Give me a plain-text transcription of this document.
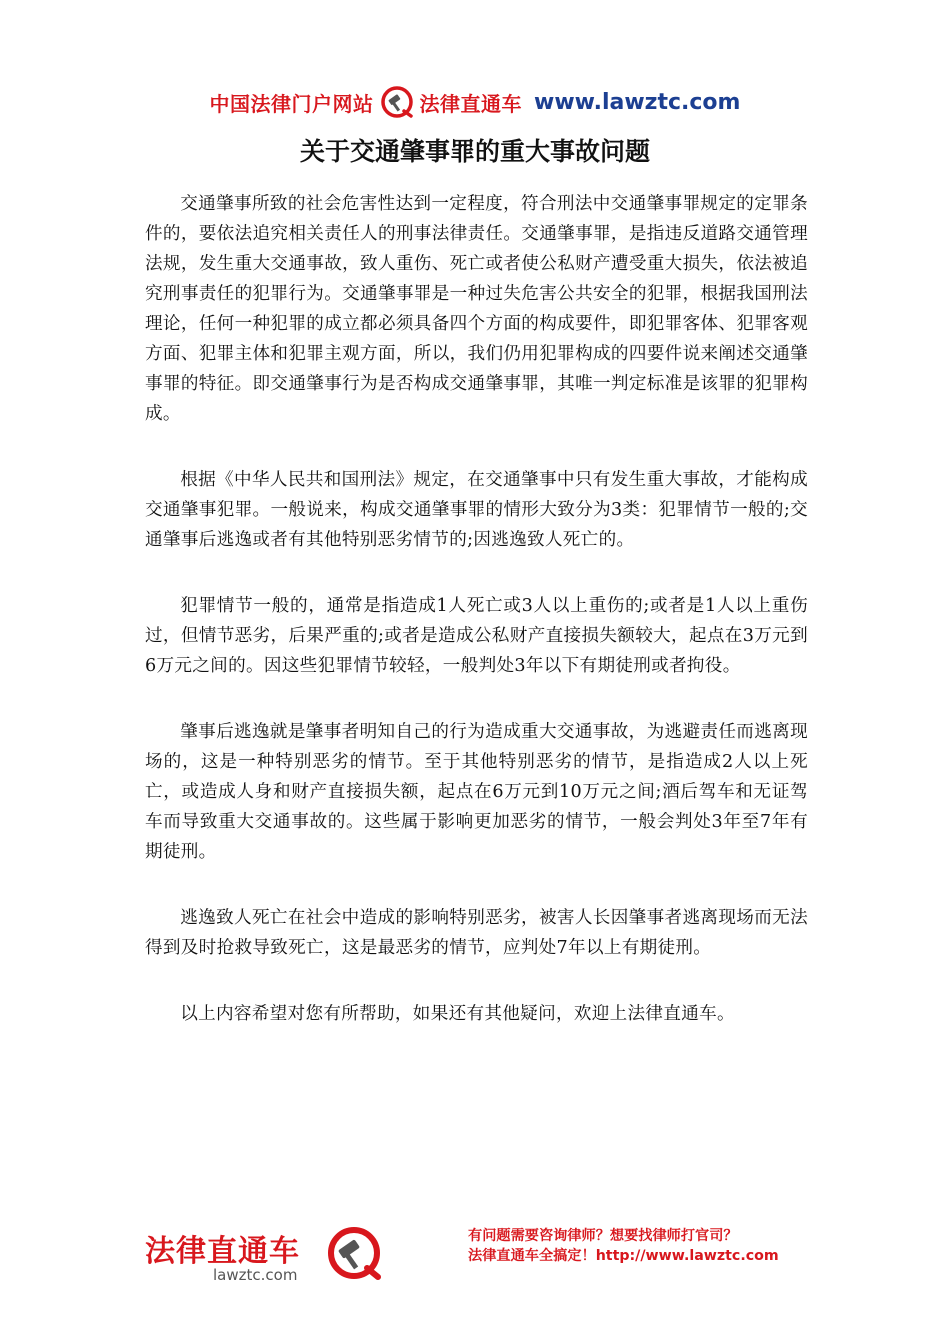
中国法律门户网站 法律直通车 www.lawztc.com
关于交通肇事罪的重大事故问题

交通肇事所致的社会危害性达到一定程度，符合刑法中交通肇事罪规定的定罪条件的，要依法追究相关责任人的刑事法律责任。交通肇事罪，是指违反道路交通管理法规，发生重大交通事故，致人重伤、死亡或者使公私财产遭受重大损失，依法被追究刑事责任的犯罪行为。交通肇事罪是一种过失危害公共安全的犯罪，根据我国刑法理论，任何一种犯罪的成立都必须具备四个方面的构成要件，即犯罪客体、犯罪客观方面、犯罪主体和犯罪主观方面，所以，我们仍用犯罪构成的四要件说来阐述交通肇事罪的特征。即交通肇事行为是否构成交通肇事罪，其唯一判定标准是该罪的犯罪构成。

根据《中华人民共和国刑法》规定，在交通肇事中只有发生重大事故，才能构成交通肇事犯罪。一般说来，构成交通肇事罪的情形大致分为3类：犯罪情节一般的;交通肇事后逃逸或者有其他特别恶劣情节的;因逃逸致人死亡的。

犯罪情节一般的，通常是指造成1人死亡或3人以上重伤的;或者是1人以上重伤过，但情节恶劣，后果严重的;或者是造成公私财产直接损失额较大，起点在3万元到6万元之间的。因这些犯罪情节较轻，一般判处3年以下有期徒刑或者拘役。

肇事后逃逸就是肇事者明知自己的行为造成重大交通事故，为逃避责任而逃离现场的，这是一种特别恶劣的情节。至于其他特别恶劣的情节，是指造成2人以上死亡，或造成人身和财产直接损失额，起点在6万元到10万元之间;酒后驾车和无证驾车而导致重大交通事故的。这些属于影响更加恶劣的情节，一般会判处3年至7年有期徒刑。

逃逸致人死亡在社会中造成的影响特别恶劣，被害人长因肇事者逃离现场而无法得到及时抢救导致死亡，这是最恶劣的情节，应判处7年以上有期徒刑。

以上内容希望对您有所帮助，如果还有其他疑问，欢迎上法律直通车。

法律直通车
lawztc.com
有问题需要咨询律师？想要找律师打官司？
法律直通车全搞定！http://www.lawztc.com
